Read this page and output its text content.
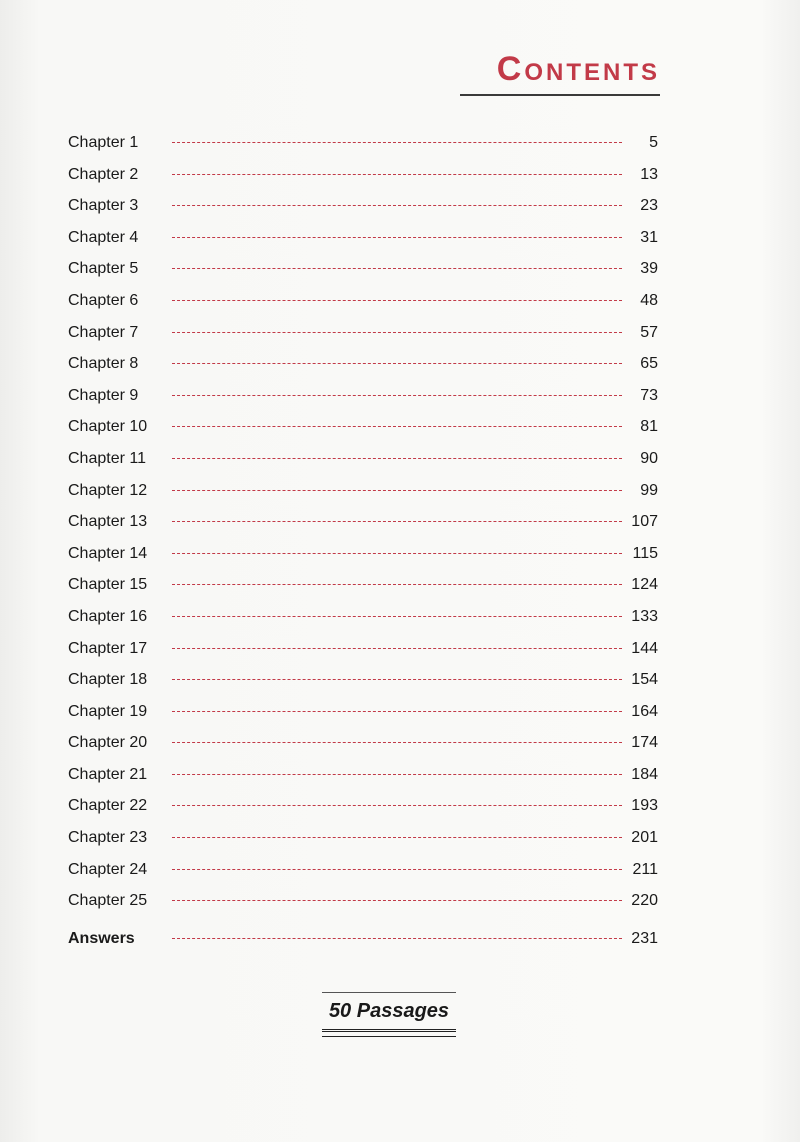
Contents
Chapter 1	5
Chapter 2	13
Chapter 3	23
Chapter 4	31
Chapter 5	39
Chapter 6	48
Chapter 7	57
Chapter 8	65
Chapter 9	73
Chapter 10	81
Chapter 11	90
Chapter 12	99
Chapter 13	107
Chapter 14	115
Chapter 15	124
Chapter 16	133
Chapter 17	144
Chapter 18	154
Chapter 19	164
Chapter 20	174
Chapter 21	184
Chapter 22	193
Chapter 23	201
Chapter 24	211
Chapter 25	220
Answers	231
50 Passages
